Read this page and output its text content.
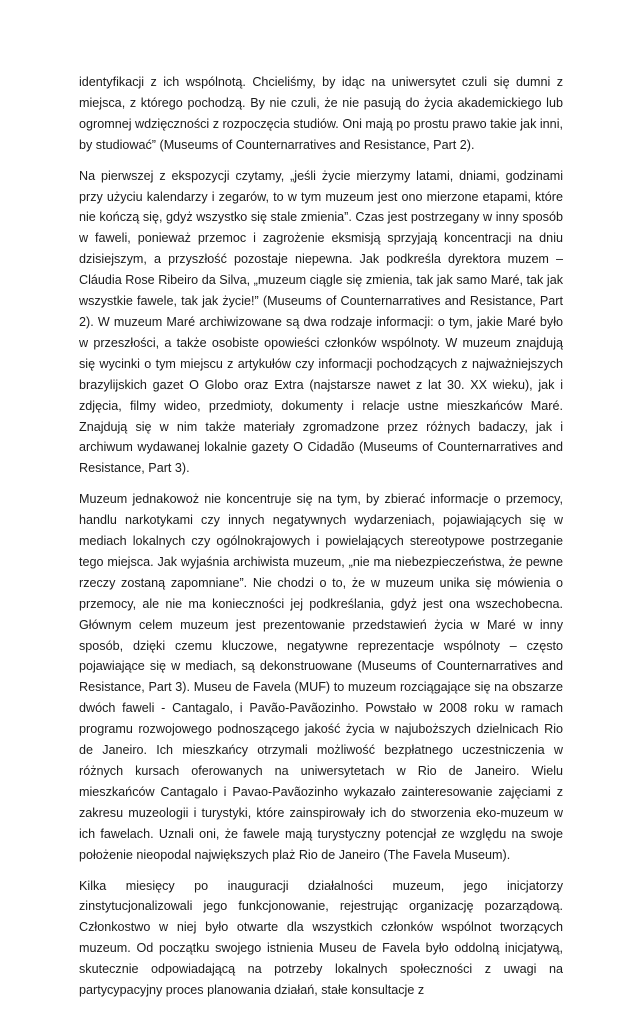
identyfikacji z ich wspólnotą. Chcieliśmy, by idąc na uniwersytet czuli się dumni z miejsca, z którego pochodzą. By nie czuli, że nie pasują do życia akademickiego lub ogromnej wdzięczności z rozpoczęcia studiów. Oni mają po prostu prawo takie jak inni, by studiować” (Museums of Counternarratives and Resistance, Part 2).

Na pierwszej z ekspozycji czytamy, „jeśli życie mierzymy latami, dniami, godzinami przy użyciu kalendarzy i zegarów, to w tym muzeum jest ono mierzone etapami, które nie kończą się, gdyż wszystko się stale zmienia”. Czas jest postrzegany w inny sposób w faweli, ponieważ przemoc i zagrożenie eksmisją sprzyjają koncentracji na dniu dzisiejszym, a przyszłość pozostaje niepewna. Jak podkreśla dyrektora muzem – Cláudia Rose Ribeiro da Silva, „muzeum ciągle się zmienia, tak jak samo Maré, tak jak wszystkie fawele, tak jak życie!” (Museums of Counternarratives and Resistance, Part 2). W muzeum Maré archiwizowane są dwa rodzaje informacji: o tym, jakie Maré było w przeszłości, a także osobiste opowieści członków wspólnoty. W muzeum znajdują się wycinki o tym miejscu z artykułów czy informacji pochodzących z najważniejszych brazylijskich gazet O Globo oraz Extra (najstarsze nawet z lat 30. XX wieku), jak i zdjęcia, filmy wideo, przedmioty, dokumenty i relacje ustne mieszkańców Maré. Znajdują się w nim także materiały zgromadzone przez różnych badaczy, jak i archiwum wydawanej lokalnie gazety O Cidadão (Museums of Counternarratives and Resistance, Part 3).

Muzeum jednakowoż nie koncentruje się na tym, by zbierać informacje o przemocy, handlu narkotykami czy innych negatywnych wydarzeniach, pojawiających się w mediach lokalnych czy ogólnokrajowych i powielających stereotypowe postrzeganie tego miejsca. Jak wyjaśnia archiwista muzeum, „nie ma niebezpieczeństwa, że pewne rzeczy zostaną zapomniane”. Nie chodzi o to, że w muzeum unika się mówienia o przemocy, ale nie ma konieczności jej podkreślania, gdyż jest ona wszechobecna. Głównym celem muzeum jest prezentowanie przedstawień życia w Maré w inny sposób, dzięki czemu kluczowe, negatywne reprezentacje wspólnoty – często pojawiające się w mediach, są dekonstruowane (Museums of Counternarratives and Resistance, Part 3). Museu de Favela (MUF) to muzeum rozciągające się na obszarze dwóch faweli - Cantagalo, i Pavão-Pavãozinho. Powstało w 2008 roku w ramach programu rozwojowego podnoszącego jakość życia w najuboższych dzielnicach Rio de Janeiro. Ich mieszkańcy otrzymali możliwość bezpłatnego uczestniczenia w różnych kursach oferowanych na uniwersytetach w Rio de Janeiro. Wielu mieszkańców Cantagalo i Pavao-Pavãozinho wykazało zainteresowanie zajęciami z zakresu muzeologii i turystyki, które zainspirowały ich do stworzenia eko-muzeum w ich fawelach. Uznali oni, że fawele mają turystyczny potencjał ze względu na swoje położenie nieopodal największych plaż Rio de Janeiro (The Favela Museum).

Kilka miesięcy po inauguracji działalności muzeum, jego inicjatorzy zinstytucjonalizowali jego funkcjonowanie, rejestrując organizację pozarządową. Członkostwo w niej było otwarte dla wszystkich członków wspólnot tworzących muzeum. Od początku swojego istnienia Museu de Favela było oddolną inicjatywą, skutecznie odpowiadającą na potrzeby lokalnych społeczności z uwagi na partycypacyjny proces planowania działań, stałe konsultacje z
